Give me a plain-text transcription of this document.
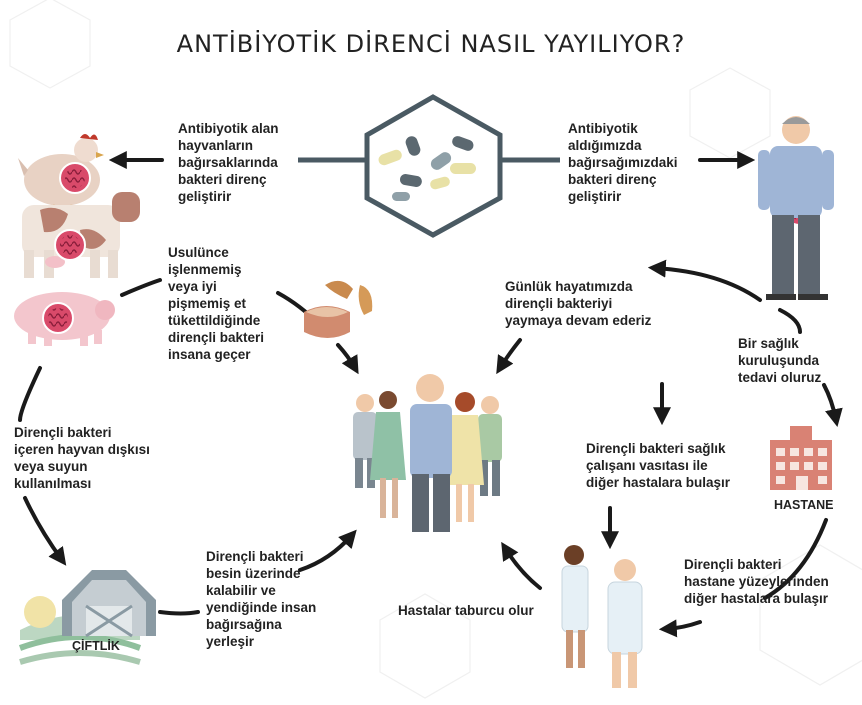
ANTİBİYOTİK DİRENCİ NASIL YAYILIYOR?
Antibiyotik alan
hayvanların
bağırsaklarında
bakteri direnç
geliştirir
Antibiyotik
aldığımızda
bağırsağımızdaki
bakteri direnç
geliştirir
Usulünce
işlenmemiş
veya iyi
pişmemiş et
tükettildiğinde
dirençli bakteri
insana geçer
Günlük hayatımızda
dirençli bakteriyi
yaymaya devam ederiz
Bir sağlık
kuruluşunda
tedavi oluruz
Dirençli bakteri
içeren hayvan dışkısı
veya suyun
kullanılması
Dirençli bakteri sağlık
çalışanı vasıtası ile
diğer hastalara bulaşır
Dirençli bakteri
besin üzerinde
kalabilir ve
yendiğinde insan
bağırsağına
yerleşir
Dirençli bakteri
hastane yüzeylerinden
diğer hastalara bulaşır
Hastalar taburcu olur
HASTANE
ÇİFTLİK
